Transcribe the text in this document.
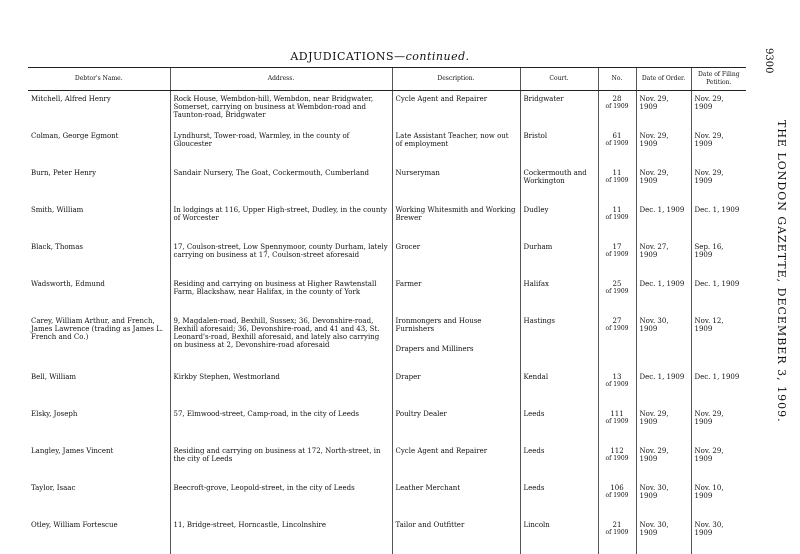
ADJUDICATIONS—continued.	9300
THE LONDON GAZETTE, DECEMBER 3, 1909.
Debtor's Name.	Address.	Description.	Court.	No.	Date of Order.	Date of Filing Petition.
Mitchell, Alfred Henry	Rock House, Wembdon-hill, Wembdon, near Bridgwater, Somerset, carrying on business at Wembdon-road and Taunton-road, Bridgwater	Cycle Agent and Repairer	Bridgwater	28
of 1909	Nov. 29, 1909	Nov. 29, 1909
Colman, George Egmont	Lyndhurst, Tower-road, Warmley, in the county of Gloucester	Late Assistant Teacher, now out of employment	Bristol	61
of 1909	Nov. 29, 1909	Nov. 29, 1909
Burn, Peter Henry	Sandair Nursery, The Goat, Cockermouth, Cumberland	Nurseryman	Cockermouth and Workington	11
of 1909	Nov. 29, 1909	Nov. 29, 1909
Smith, William	In lodgings at 116, Upper High-street, Dudley, in the county of Worcester	Working Whitesmith and Working Brewer	Dudley	11
of 1909	Dec. 1, 1909	Dec. 1, 1909
Black, Thomas	17, Coulson-street, Low Spennymoor, county Durham, lately carrying on business at 17, Coulson-street aforesaid	Grocer	Durham	17
of 1909	Nov. 27, 1909	Sep. 16, 1909
Wadsworth, Edmund	Residing and carrying on business at Higher Rawtenstall Farm, Blackshaw, near Halifax, in the county of York	Farmer	Halifax	25
of 1909	Dec. 1, 1909	Dec. 1, 1909
Carey, William Arthur, and French, James Lawrence (trading as James L. French and Co.)	9, Magdalen-road, Bexhill, Sussex; 36, Devonshire-road, Bexhill aforesaid; 36, Devonshire-road, and 41 and 43, St. Leonard's-road, Bexhill aforesaid, and lately also carrying on business at 2, Devonshire-road aforesaid	Ironmongers and House Furnishers
Drapers and Milliners	Hastings	27
of 1909	Nov. 30, 1909	Nov. 12, 1909
Bell, William	Kirkby Stephen, Westmorland	Draper	Kendal	13
of 1909	Dec. 1, 1909	Dec. 1, 1909
Elsky, Joseph	57, Elmwood-street, Camp-road, in the city of Leeds	Poultry Dealer	Leeds	111
of 1909	Nov. 29, 1909	Nov. 29, 1909
Langley, James Vincent	Residing and carrying on business at 172, North-street, in the city of Leeds	Cycle Agent and Repairer	Leeds	112
of 1909	Nov. 29, 1909	Nov. 29, 1909
Taylor, Isaac	Beecroft-grove, Leopold-street, in the city of Leeds	Leather Merchant	Leeds	106
of 1909	Nov. 30, 1909	Nov. 10, 1909
Otley, William Fortescue	11, Bridge-street, Horncastle, Lincolnshire	Tailor and Outfitter	Lincoln	21
of 1909	Nov. 30, 1909	Nov. 30, 1909
